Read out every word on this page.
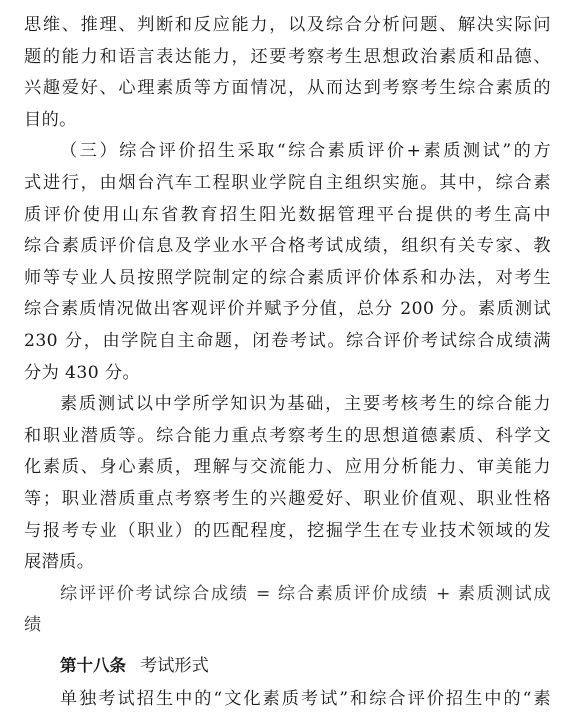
思维、推理、判断和反应能力，以及综合分析问题、解决实际问
题的能力和语言表达能力，还要考察考生思想政治素质和品德、
兴趣爱好、心理素质等方面情况，从而达到考察考生综合素质的
目的。
（三）综合评价招生采取“综合素质评价+素质测试”的方
式进行，由烟台汽车工程职业学院自主组织实施。其中，综合素
质评价使用山东省教育招生阳光数据管理平台提供的考生高中
综合素质评价信息及学业水平合格考试成绩，组织有关专家、教
师等专业人员按照学院制定的综合素质评价体系和办法，对考生
综合素质情况做出客观评价并赋予分值，总分 200 分。素质测试
230 分，由学院自主命题，闭卷考试。综合评价考试综合成绩满
分为 430 分。
素质测试以中学所学知识为基础，主要考核考生的综合能力
和职业潜质等。综合能力重点考察考生的思想道德素质、科学文
化素质、身心素质，理解与交流能力、应用分析能力、审美能力
等；职业潜质重点考察考生的兴趣爱好、职业价值观、职业性格
与报考专业（职业）的匹配程度，挖掘学生在专业技术领域的发
展潜质。
综评评价考试综合成绩 = 综合素质评价成绩 + 素质测试成
绩
第十八条 考试形式
单独考试招生中的“文化素质考试”和综合评价招生中的“素
